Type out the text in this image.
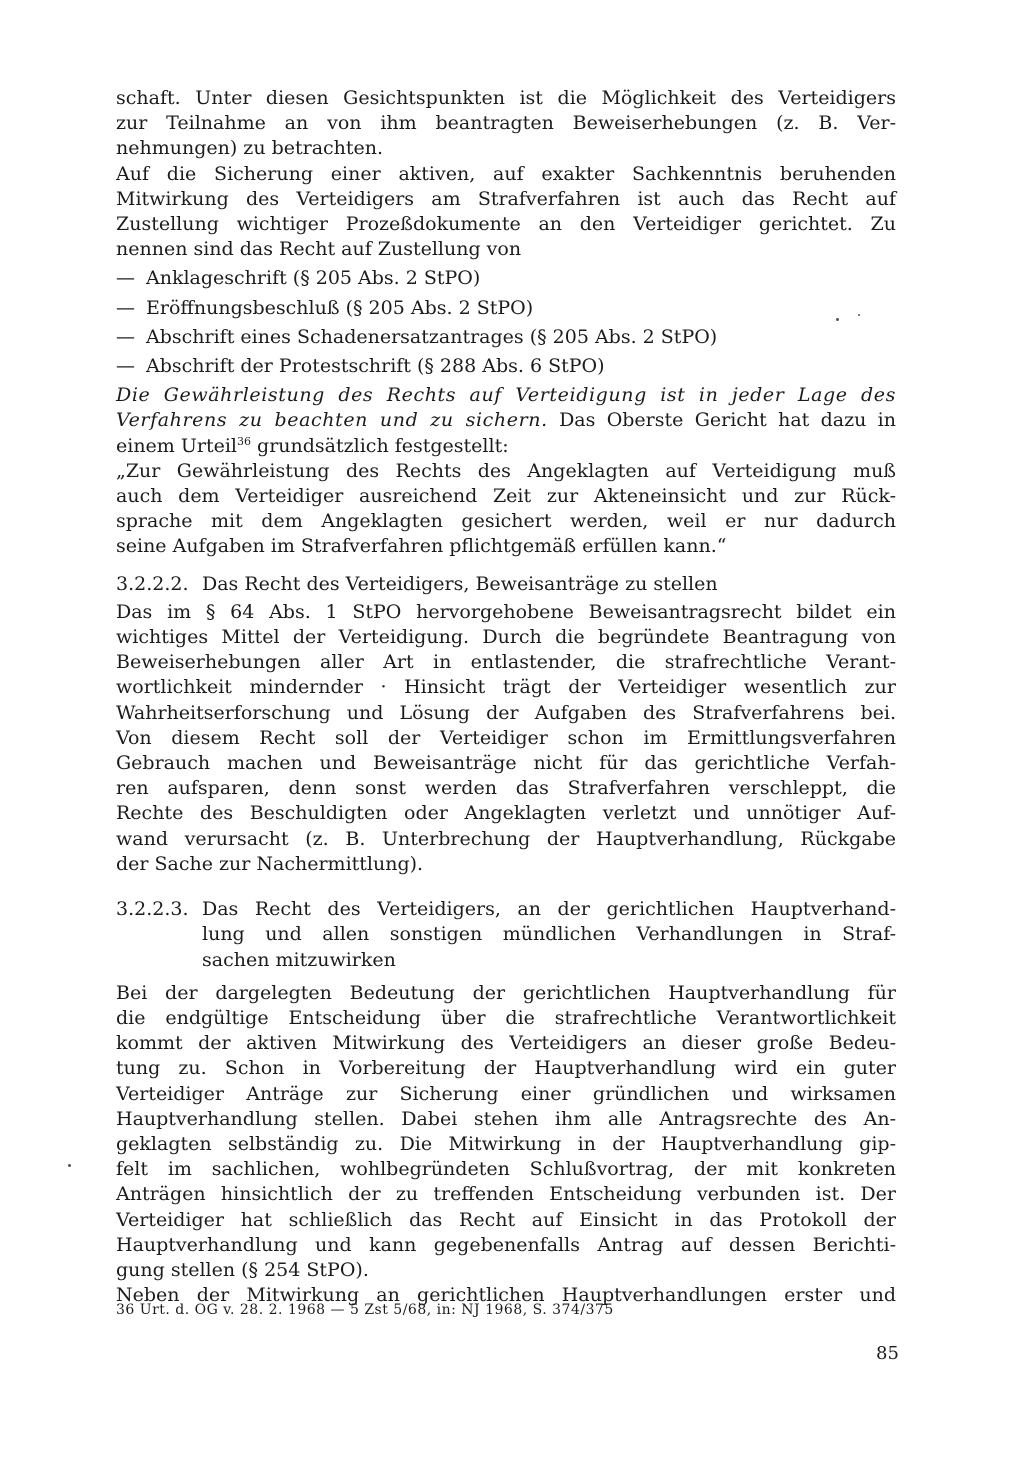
schaft. Unter diesen Gesichtspunkten ist die Möglichkeit des Verteidigers
zur Teilnahme an von ihm beantragten Beweiserhebungen (z. B. Ver-
nehmungen) zu betrachten.
Auf die Sicherung einer aktiven, auf exakter Sachkenntnis beruhenden
Mitwirkung des Verteidigers am Strafverfahren ist auch das Recht auf
Zustellung wichtiger Prozeßdokumente an den Verteidiger gerichtet. Zu
nennen sind das Recht auf Zustellung von
— Anklageschrift (§ 205 Abs. 2 StPO)
— Eröffnungsbeschluß (§ 205 Abs. 2 StPO)
— Abschrift eines Schadenersatzantrages (§ 205 Abs. 2 StPO)
— Abschrift der Protestschrift (§ 288 Abs. 6 StPO)
Die Gewährleistung des Rechts auf Verteidigung ist in jeder Lage des
Verfahrens zu beachten und zu sichern. Das Oberste Gericht hat dazu in
einem Urteil$^{36}$ grundsätzlich festgestellt:
„Zur Gewährleistung des Rechts des Angeklagten auf Verteidigung muß
auch dem Verteidiger ausreichend Zeit zur Akteneinsicht und zur Rück-
sprache mit dem Angeklagten gesichert werden, weil er nur dadurch
seine Aufgaben im Strafverfahren pflichtgemäß erfüllen kann.“
3.2.2.2. Das Recht des Verteidigers, Beweisanträge zu stellen
Das im § 64 Abs. 1 StPO hervorgehobene Beweisantragsrecht bildet ein
wichtiges Mittel der Verteidigung. Durch die begründete Beantragung von
Beweiserhebungen aller Art in entlastender, die strafrechtliche Verant-
wortlichkeit mindernder · Hinsicht trägt der Verteidiger wesentlich zur
Wahrheitserforschung und Lösung der Aufgaben des Strafverfahrens bei.
Von diesem Recht soll der Verteidiger schon im Ermittlungsverfahren
Gebrauch machen und Beweisanträge nicht für das gerichtliche Verfah-
ren aufsparen, denn sonst werden das Strafverfahren verschleppt, die
Rechte des Beschuldigten oder Angeklagten verletzt und unnötiger Auf-
wand verursacht (z. B. Unterbrechung der Hauptverhandlung, Rückgabe
der Sache zur Nachermittlung).
3.2.2.3. Das Recht des Verteidigers, an der gerichtlichen Hauptverhand-
lung und allen sonstigen mündlichen Verhandlungen in Straf-
sachen mitzuwirken
Bei der dargelegten Bedeutung der gerichtlichen Hauptverhandlung für
die endgültige Entscheidung über die strafrechtliche Verantwortlichkeit
kommt der aktiven Mitwirkung des Verteidigers an dieser große Bedeu-
tung zu. Schon in Vorbereitung der Hauptverhandlung wird ein guter
Verteidiger Anträge zur Sicherung einer gründlichen und wirksamen
Hauptverhandlung stellen. Dabei stehen ihm alle Antragsrechte des An-
geklagten selbständig zu. Die Mitwirkung in der Hauptverhandlung gip-
felt im sachlichen, wohlbegründeten Schlußvortrag, der mit konkreten
Anträgen hinsichtlich der zu treffenden Entscheidung verbunden ist. Der
Verteidiger hat schließlich das Recht auf Einsicht in das Protokoll der
Hauptverhandlung und kann gegebenenfalls Antrag auf dessen Berichti-
gung stellen (§ 254 StPO).
Neben der Mitwirkung an gerichtlichen Hauptverhandlungen erster und
36 Urt. d. OG v. 28. 2. 1968 — 5 Zst 5/68, in: NJ 1968, S. 374/375
85
